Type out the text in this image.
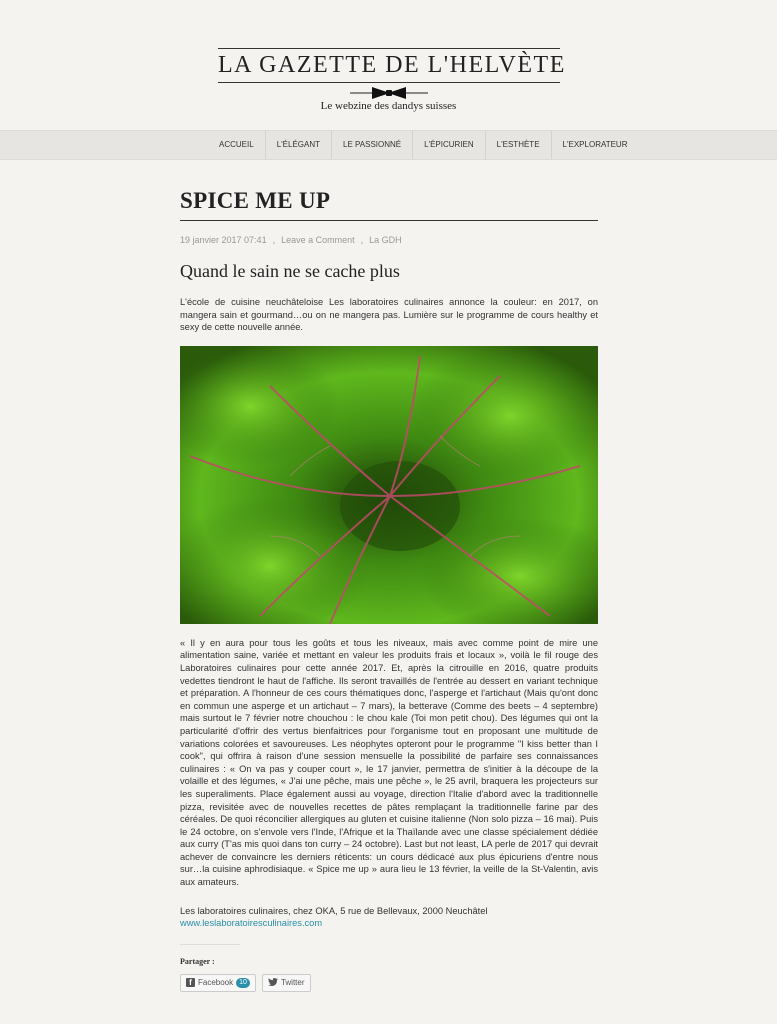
LA GAZETTE DE L'HELVÈTE
Le webzine des dandys suisses
ACCUEIL	L'ÉLÉGANT	LE PASSIONNÉ	L'ÉPICURIEN	L'ESTHÈTE	L'EXPLORATEUR
SPICE ME UP
19 janvier 2017 07:41 , Leave a Comment , La GDH
Quand le sain ne se cache plus

L'école de cuisine neuchâteloise Les laboratoires culinaires annonce la couleur: en 2017, on mangera sain et gourmand…ou on ne mangera pas. Lumière sur le programme de cours healthy et sexy de cette nouvelle année.

« Il y en aura pour tous les goûts et tous les niveaux, mais avec comme point de mire une alimentation saine, variée et mettant en valeur les produits frais et locaux », voilà le fil rouge des Laboratoires culinaires pour cette année 2017. Et, après la citrouille en 2016, quatre produits vedettes tiendront le haut de l'affiche. Ils seront travaillés de l'entrée au dessert en variant technique et préparation. A l'honneur de ces cours thématiques donc, l'asperge et l'artichaut (Mais qu'ont donc en commun une asperge et un artichaut – 7 mars), la betterave (Comme des beets – 4 septembre) mais surtout le 7 février notre chouchou : le chou kale (Toi mon petit chou). Des légumes qui ont la particularité d'offrir des vertus bienfaitrices pour l'organisme tout en proposant une multitude de variations colorées et savoureuses. Les néophytes opteront pour le programme "I kiss better than I cook", qui offrira à raison d'une session mensuelle la possibilité de parfaire ses connaissances culinaires : « On va pas y couper court », le 17 janvier, permettra de s'initier à la découpe de la volaille et des légumes, « J'ai une pêche, mais une pêche », le 25 avril, braquera les projecteurs sur les superaliments. Place également aussi au voyage, direction l'Italie d'abord avec la traditionnelle pizza, revisitée avec de nouvelles recettes de pâtes remplaçant la traditionnelle farine par des céréales. De quoi réconcilier allergiques au gluten et cuisine italienne (Non solo pizza – 16 mai). Puis le 24 octobre, on s'envole vers l'Inde, l'Afrique et la Thaïlande avec une classe spécialement dédiée aux curry (T'as mis quoi dans ton curry – 24 octobre). Last but not least, LA perle de 2017 qui devrait achever de convaincre les derniers réticents: un cours dédicacé aux plus épicuriens d'entre nous sur…la cuisine aphrodisiaque. « Spice me up » aura lieu le 13 février, la veille de la St-Valentin, avis aux amateurs.

Les laboratoires culinaires, chez OKA, 5 rue de Bellevaux, 2000 Neuchâtel
www.leslaboratoiresculinaires.com
Partager :
f Facebook 10	Twitter
